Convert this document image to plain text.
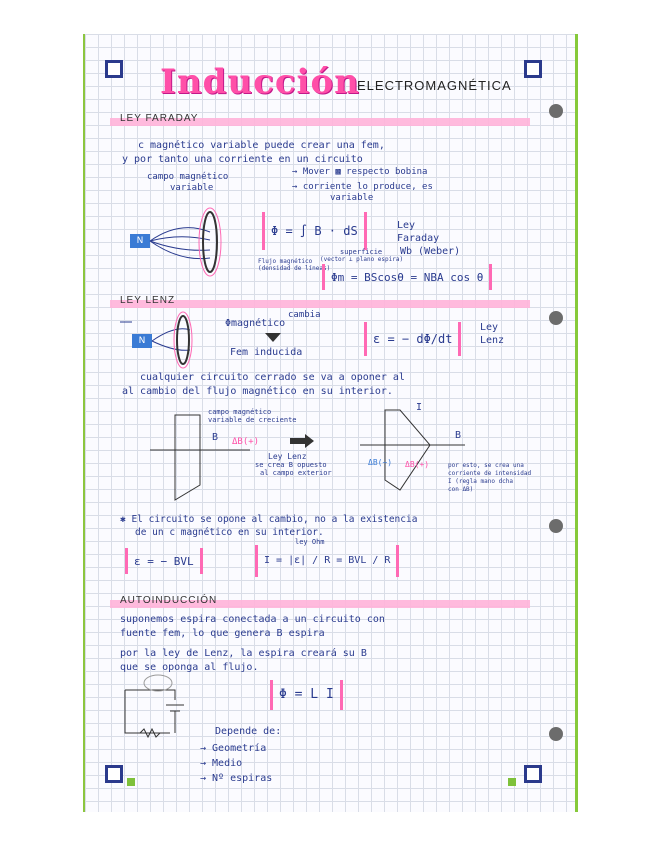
Inducción
ELECTROMAGNÉTICA
LEY FARADAY
c magnético variable puede crear una fem,
y por tanto una corriente en un circuito
campo magnético
variable
→ Mover ▩ respecto bobina
→ corriente lo produce, es
variable
N
Φ = ∫ B · dS	Ley
Faraday
Flujo magnético
(densidad de líneas)
superficie
(vector ⊥ plano espira)
Wb (Weber)
Φm = BScosθ = NBA cos θ
LEY LENZ
N
Φmagnético
cambia
Fem inducida
ε = − dΦ/dt
Ley
Lenz
cualquier circuito cerrado se va a oponer al
al cambio del flujo magnético en su interior.
campo magnético
variable de creciente
B ΔB(+)
Ley Lenz
se crea B opuesto
al campo exterior
I
ΔB(−) ΔB(+)
B
por esto, se crea una
corriente de intensidad
I (regla mano dcha
con ΔB)
✱ El circuito se opone al cambio, no a la existencia
de un c magnético en su interior.
ley Ohm
ε = − BVL	I = |ε| / R = BVL / R
AUTOINDUCCIÓN
suponemos espira conectada a un circuito con
fuente fem, lo que genera B espira
por la ley de Lenz, la espira creará su B
que se oponga al flujo.
Φ = L I
Depende de:
→ Geometría
→ Medio
→ Nº espiras
